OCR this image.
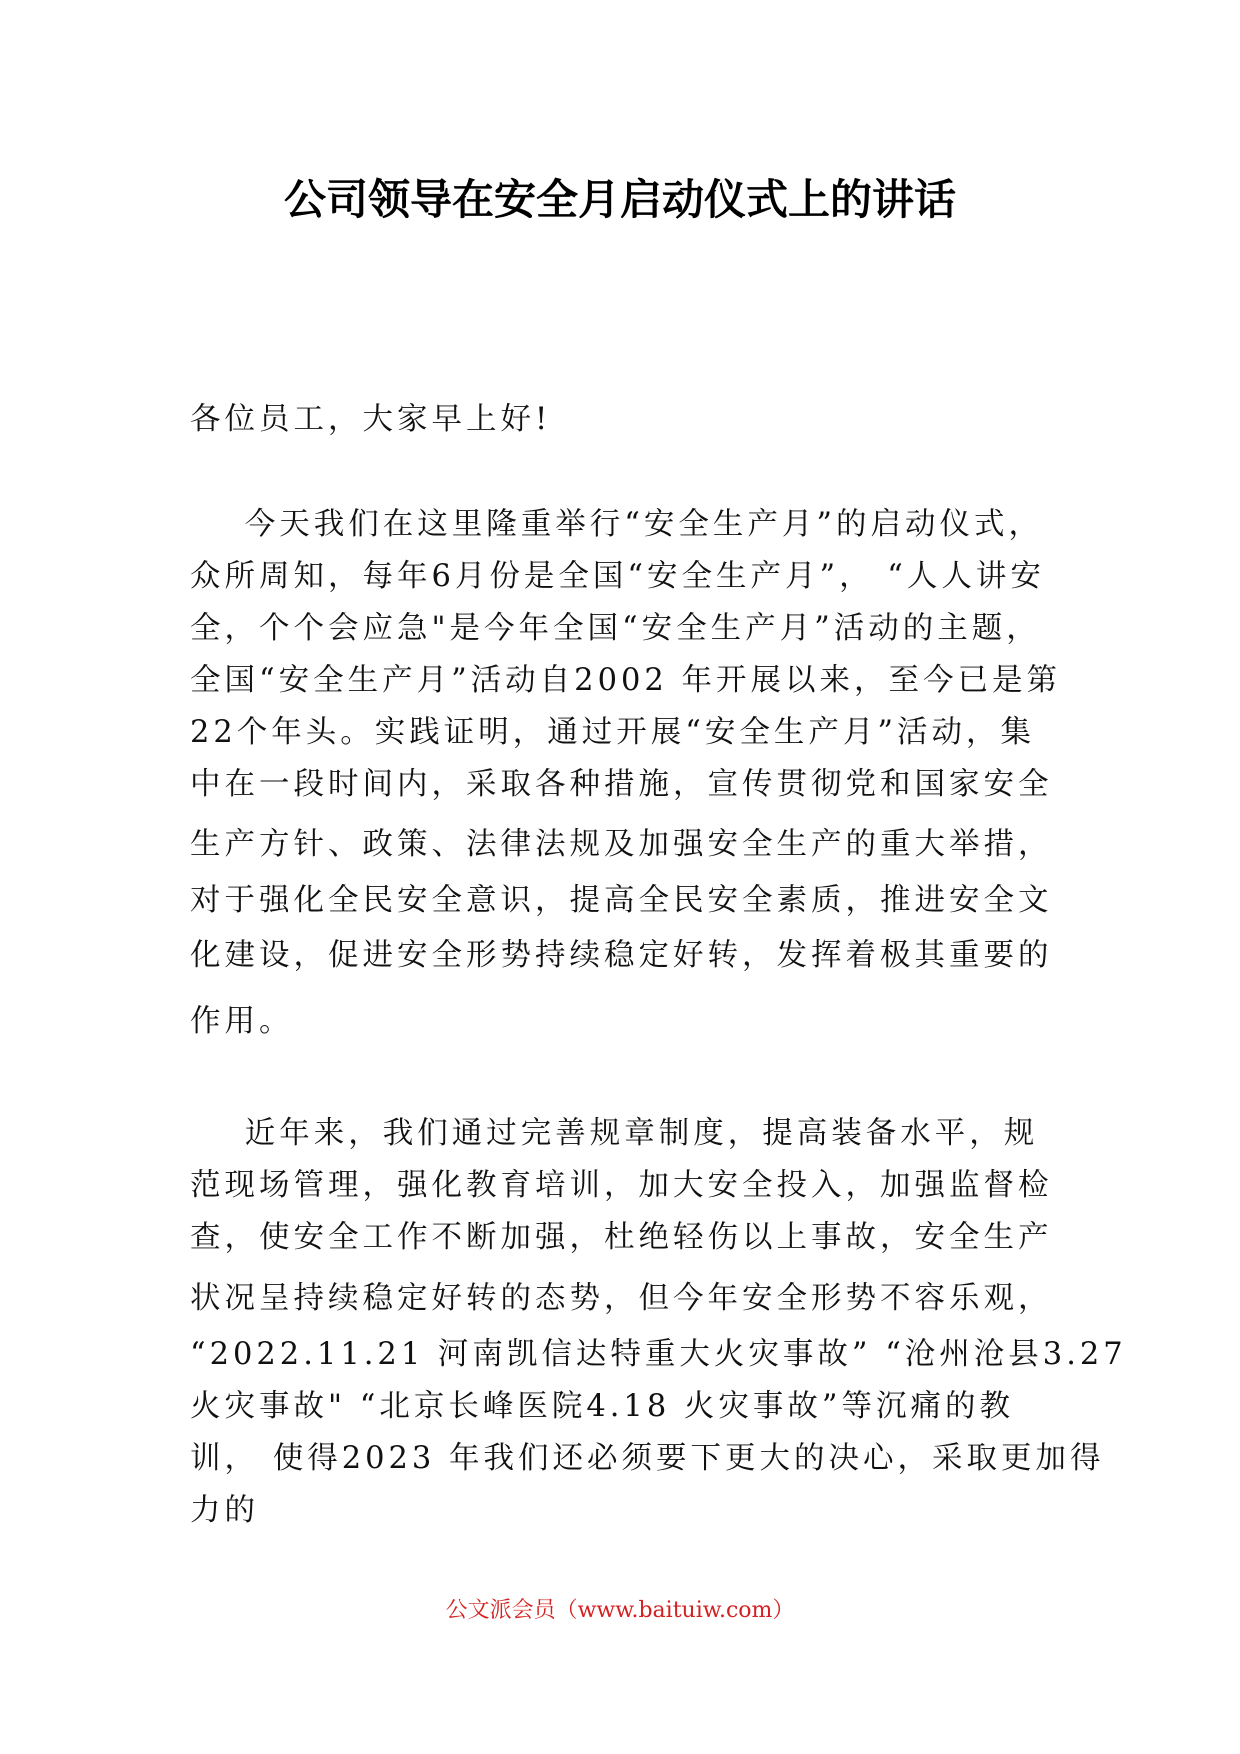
公司领导在安全月启动仪式上的讲话

各位员工，大家早上好!

今天我们在这里隆重举行“安全生产月”的启动仪式，

众所周知，每年6月份是全国“安全生产月”， “人人讲安

全，个个会应急"是今年全国“安全生产月”活动的主题，

全国“安全生产月”活动自2002 年开展以来，至今已是第

22个年头。实践证明，通过开展“安全生产月”活动，集

中在一段时间内，采取各种措施，宣传贯彻党和国家安全

生产方针、政策、法律法规及加强安全生产的重大举措，

对于强化全民安全意识，提高全民安全素质，推进安全文

化建设，促进安全形势持续稳定好转，发挥着极其重要的

作用。

近年来，我们通过完善规章制度，提高装备水平，规

范现场管理，强化教育培训，加大安全投入，加强监督检

查，使安全工作不断加强，杜绝轻伤以上事故，安全生产

状况呈持续稳定好转的态势，但今年安全形势不容乐观，

“2022.11.21 河南凯信达特重大火灾事故” “沧州沧县3.27

火灾事故" “北京长峰医院4.18 火灾事故”等沉痛的教

训， 使得2023 年我们还必须要下更大的决心，采取更加得

力的

公文派会员（www.baituiw.com）
